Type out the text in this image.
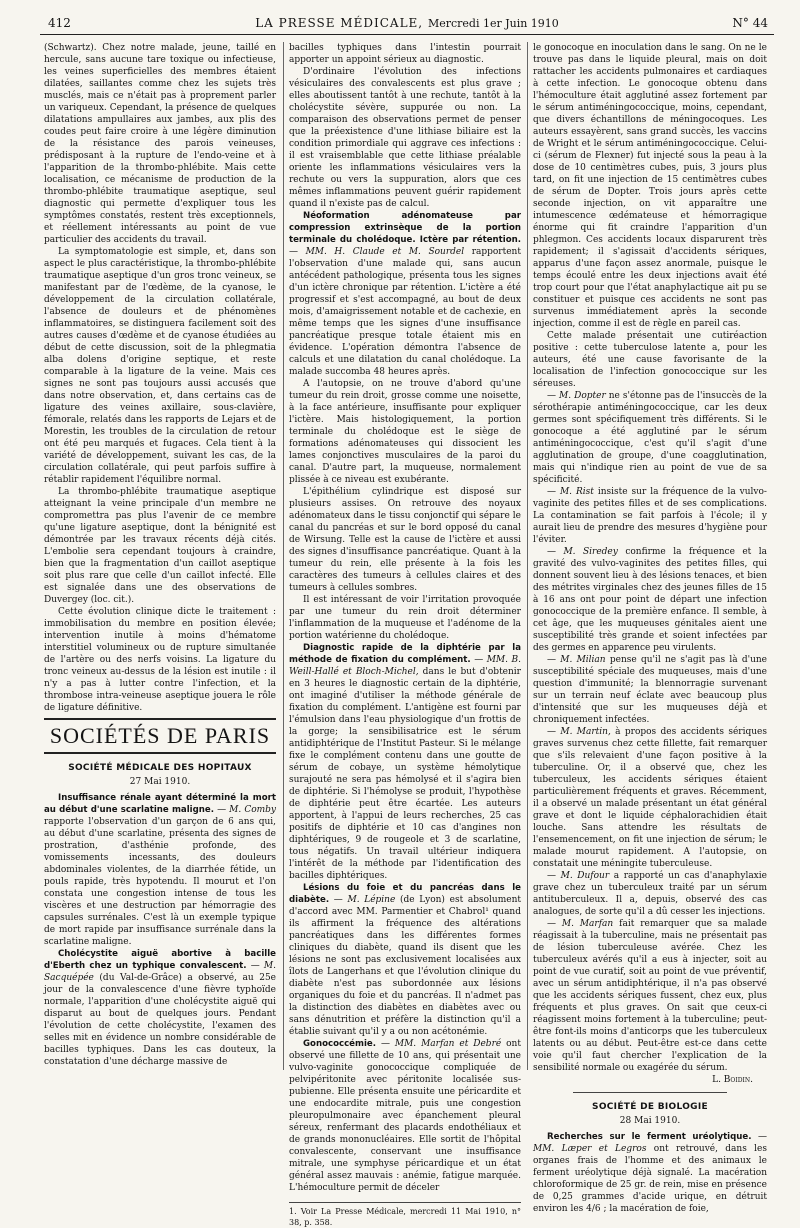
412	LA PRESSE MÉDICALE, Mercredi 1er Juin 1910	N° 44

(Schwartz). Chez notre malade, jeune, taillé en hercule, sans aucune tare toxique ou infectieuse, les veines superficielles des membres étaient dilatées, saillantes comme chez les sujets très musclés, mais ce n'était pas à proprement parler un variqueux. Cependant, la présence de quelques dilatations ampullaires aux jambes, aux plis des coudes peut faire croire à une légère diminution de la résistance des parois veineuses, prédisposant à la rupture de l'endo-veine et à l'apparition de la thrombo-phlébite. Mais cette localisation, ce mécanisme de production de la thrombo-phlébite traumatique aseptique, seul diagnostic qui permette d'expliquer tous les symptômes constatés, restent très exceptionnels, et réellement intéressants au point de vue particulier des accidents du travail.

La symptomatologie est simple, et, dans son aspect le plus caractéristique, la thrombo-phlébite traumatique aseptique d'un gros tronc veineux, se manifestant par de l'œdème, de la cyanose, le développement de la circulation collatérale, l'absence de douleurs et de phénomènes inflammatoires, se distinguera facilement soit des autres causes d'œdème et de cyanose étudiées au début de cette discussion, soit de la phlegmatia alba dolens d'origine septique, et reste comparable à la ligature de la veine. Mais ces signes ne sont pas toujours aussi accusés que dans notre observation, et, dans certains cas de ligature des veines axillaire, sous-clavière, fémorale, relatés dans les rapports de Lejars et de Morestin, les troubles de la circulation de retour ont été peu marqués et fugaces. Cela tient à la variété de développement, suivant les cas, de la circulation collatérale, qui peut parfois suffire à rétablir rapidement l'équilibre normal.

La thrombo-phlébite traumatique aseptique atteignant la veine principale d'un membre ne compromettra pas plus l'avenir de ce membre qu'une ligature aseptique, dont la bénignité est démontrée par les travaux récents déjà cités. L'embolie sera cependant toujours à craindre, bien que la fragmentation d'un caillot aseptique soit plus rare que celle d'un caillot infecté. Elle est signalée dans une des observations de Duvergey (loc. cit.).

Cette évolution clinique dicte le traitement : immobilisation du membre en position élevée; intervention inutile à moins d'hématome interstitiel volumineux ou de rupture simultanée de l'artère ou des nerfs voisins. La ligature du tronc veineux au-dessus de la lésion est inutile : il n'y a pas à lutter contre l'infection, et la thrombose intra-veineuse aseptique jouera le rôle de ligature définitive.

SOCIÉTÉS DE PARIS
SOCIÉTÉ MÉDICALE DES HOPITAUX
27 Mai 1910.

Insuffisance rénale ayant déterminé la mort au début d'une scarlatine maligne. — M. Comby rapporte l'observation d'un garçon de 6 ans qui, au début d'une scarlatine, présenta des signes de prostration, d'asthénie profonde, des vomissements incessants, des douleurs abdominales violentes, de la diarrhée fétide, un pouls rapide, très hypotendu. Il mourut et l'on constata une congestion intense de tous les viscères et une destruction par hémorragie des capsules surrénales. C'est là un exemple typique de mort rapide par insuffisance surrénale dans la scarlatine maligne.

Cholécystite aiguë abortive à bacille d'Eberth chez un typhique convalescent. — M. Sacquépée (du Val-de-Grâce) a observé, au 25e jour de la convalescence d'une fièvre typhoïde normale, l'apparition d'une cholécystite aiguë qui disparut au bout de quelques jours. Pendant l'évolution de cette cholécystite, l'examen des selles mit en évidence un nombre considérable de bacilles typhiques. Dans les cas douteux, la constatation d'une décharge massive de

bacilles typhiques dans l'intestin pourrait apporter un appoint sérieux au diagnostic.

D'ordinaire l'évolution des infections vésiculaires des convalescents est plus grave ; elles aboutissent tantôt à une rechute, tantôt à la cholécystite sévère, suppurée ou non. La comparaison des observations permet de penser que la préexistence d'une lithiase biliaire est la condition primordiale qui aggrave ces infections : il est vraisemblable que cette lithiase préalable oriente les inflammations vésiculaires vers la rechute ou vers la suppuration, alors que ces mêmes inflammations peuvent guérir rapidement quand il n'existe pas de calcul.

Néoformation adénomateuse par compression extrinsèque de la portion terminale du cholédoque. Ictère par rétention. — MM. H. Claude et M. Sourdel rapportent l'observation d'une malade qui, sans aucun antécédent pathologique, présenta tous les signes d'un ictère chronique par rétention. L'ictère a été progressif et s'est accompagné, au bout de deux mois, d'amaigrissement notable et de cachexie, en même temps que les signes d'une insuffisance pancréatique presque totale étaient mis en évidence. L'opération démontra l'absence de calculs et une dilatation du canal cholédoque. La malade succomba 48 heures après.

A l'autopsie, on ne trouve d'abord qu'une tumeur du rein droit, grosse comme une noisette, à la face antérieure, insuffisante pour expliquer l'ictère. Mais histologiquement, la portion terminale du cholédoque est le siège de formations adénomateuses qui dissocient les lames conjonctives musculaires de la paroi du canal. D'autre part, la muqueuse, normalement plissée à ce niveau est exubérante.

L'épithélium cylindrique est disposé sur plusieurs assises. On retrouve des noyaux adénomateux dans le tissu conjonctif qui sépare le canal du pancréas et sur le bord opposé du canal de Wirsung. Telle est la cause de l'ictère et aussi des signes d'insuffisance pancréatique. Quant à la tumeur du rein, elle présente à la fois les caractères des tumeurs à cellules claires et des tumeurs à cellules sombres.

Il est intéressant de voir l'irritation provoquée par une tumeur du rein droit déterminer l'inflammation de la muqueuse et l'adénome de la portion watérienne du cholédoque.

Diagnostic rapide de la diphtérie par la méthode de fixation du complément. — MM. B. Weill-Hallé et Bloch-Michel, dans le but d'obtenir en 3 heures le diagnostic certain de la diphtérie, ont imaginé d'utiliser la méthode générale de fixation du complément. L'antigène est fourni par l'émulsion dans l'eau physiologique d'un frottis de la gorge; la sensibilisatrice est le sérum antidiphtérique de l'Institut Pasteur. Si le mélange fixe le complément contenu dans une goutte de sérum de cobaye, un système hémolytique surajouté ne sera pas hémolysé et il s'agira bien de diphtérie. Si l'hémolyse se produit, l'hypothèse de diphtérie peut être écartée. Les auteurs apportent, à l'appui de leurs recherches, 25 cas positifs de diphtérie et 10 cas d'angines non diphtériques, 9 de rougeole et 3 de scarlatine, tous négatifs. Un travail ultérieur indiquera l'intérêt de la méthode par l'identification des bacilles diphtériques.

Lésions du foie et du pancréas dans le diabète. — M. Lépine (de Lyon) est absolument d'accord avec MM. Parmentier et Chabrol¹ quand ils affirment la fréquence des altérations pancréatiques dans les différentes formes cliniques du diabète, quand ils disent que les lésions ne sont pas exclusivement localisées aux îlots de Langerhans et que l'évolution clinique du diabète n'est pas subordonnée aux lésions organiques du foie et du pancréas. Il n'admet pas la distinction des diabètes en diabètes avec ou sans dénutrition et préfère la distinction qu'il a établie suivant qu'il y a ou non acétonémie.

Gonococcémie. — MM. Marfan et Debré ont observé une fillette de 10 ans, qui présentait une vulvo-vaginite gonococcique compliquée de pelvipéritonite avec péritonite localisée sus-pubienne. Elle présenta ensuite une péricardite et une endocardite mitrale, puis une congestion pleuropulmonaire avec épanchement pleural séreux, renfermant des placards endothéliaux et de grands mononucléaires. Elle sortit de l'hôpital convalescente, conservant une insuffisance mitrale, une symphyse péricardique et un état général assez mauvais : anémie, fatigue marquée. L'hémoculture permit de déceler

1. Voir La Presse Médicale, mercredi 11 Mai 1910, n° 38, p. 358.

le gonocoque en inoculation dans le sang. On ne le trouve pas dans le liquide pleural, mais on doit rattacher les accidents pulmonaires et cardiaques à cette infection. Le gonocoque obtenu dans l'hémoculture était agglutiné assez fortement par le sérum antiméningococcique, moins, cependant, que divers échantillons de méningocoques. Les auteurs essayèrent, sans grand succès, les vaccins de Wright et le sérum antiméningococcique. Celui-ci (sérum de Flexner) fut injecté sous la peau à la dose de 10 centimètres cubes, puis, 3 jours plus tard, on fit une injection de 15 centimètres cubes de sérum de Dopter. Trois jours après cette seconde injection, on vit apparaître une intumescence œdémateuse et hémorragique énorme qui fit craindre l'apparition d'un phlegmon. Ces accidents locaux disparurent très rapidement; il s'agissait d'accidents sériques, apparus d'une façon assez anormale, puisque le temps écoulé entre les deux injections avait été trop court pour que l'état anaphylactique ait pu se constituer et puisque ces accidents ne sont pas survenus immédiatement après la seconde injection, comme il est de règle en pareil cas.

Cette malade présentait une cutiréaction positive : cette tuberculose latente a, pour les auteurs, été une cause favorisante de la localisation de l'infection gonococcique sur les séreuses.

— M. Dopter ne s'étonne pas de l'insuccès de la sérothérapie antiméningococcique, car les deux germes sont spécifiquement très différents. Si le gonocoque a été agglutiné par le sérum antiméningococcique, c'est qu'il s'agit d'une agglutination de groupe, d'une coagglutination, mais qui n'indique rien au point de vue de sa spécificité.

— M. Rist insiste sur la fréquence de la vulvo-vaginite des petites filles et de ses complications. La contamination se fait parfois à l'école; il y aurait lieu de prendre des mesures d'hygiène pour l'éviter.

— M. Siredey confirme la fréquence et la gravité des vulvo-vaginites des petites filles, qui donnent souvent lieu à des lésions tenaces, et bien des métrites virginales chez des jeunes filles de 15 à 16 ans ont pour point de départ une infection gonococcique de la première enfance. Il semble, à cet âge, que les muqueuses génitales aient une susceptibilité très grande et soient infectées par des germes en apparence peu virulents.

— M. Milian pense qu'il ne s'agit pas là d'une susceptibilité spéciale des muqueuses, mais d'une question d'immunité; la blennorragie survenant sur un terrain neuf éclate avec beaucoup plus d'intensité que sur les muqueuses déjà et chroniquement infectées.

— M. Martin, à propos des accidents sériques graves survenus chez cette fillette, fait remarquer que s'ils relevaient d'une façon positive à la tuberculine. Or, il a observé que, chez les tuberculeux, les accidents sériques étaient particulièrement fréquents et graves. Récemment, il a observé un malade présentant un état général grave et dont le liquide céphalorachidien était louche. Sans attendre les résultats de l'ensemencement, on fit une injection de sérum; le malade mourut rapidement. A l'autopsie, on constatait une méningite tuberculeuse.

— M. Dufour a rapporté un cas d'anaphylaxie grave chez un tuberculeux traité par un sérum antituberculeux. Il a, depuis, observé des cas analogues, de sorte qu'il a dû cesser les injections.

— M. Marfan fait remarquer que sa malade réagissait à la tuberculine, mais ne présentait pas de lésion tuberculeuse avérée. Chez les tuberculeux avérés qu'il a eus à injecter, soit au point de vue curatif, soit au point de vue préventif, avec un sérum antidiphtérique, il n'a pas observé que les accidents sériques fussent, chez eux, plus fréquents et plus graves. On sait que ceux-ci réagissent moins fortement à la tuberculine; peut-être font-ils moins d'anticorps que les tuberculeux latents ou au début. Peut-être est-ce dans cette voie qu'il faut chercher l'explication de la sensibilité normale ou exagérée du sérum.

L. Boidin.
SOCIÉTÉ DE BIOLOGIE
28 Mai 1910.

Recherches sur le ferment uréolytique. — MM. Læper et Legros ont retrouvé, dans les organes frais de l'homme et des animaux le ferment uréolytique déjà signalé. La macération chloroformique de 25 gr. de rein, mise en présence de 0,25 grammes d'acide urique, en détruit environ les 4/6 ; la macération de foie,
